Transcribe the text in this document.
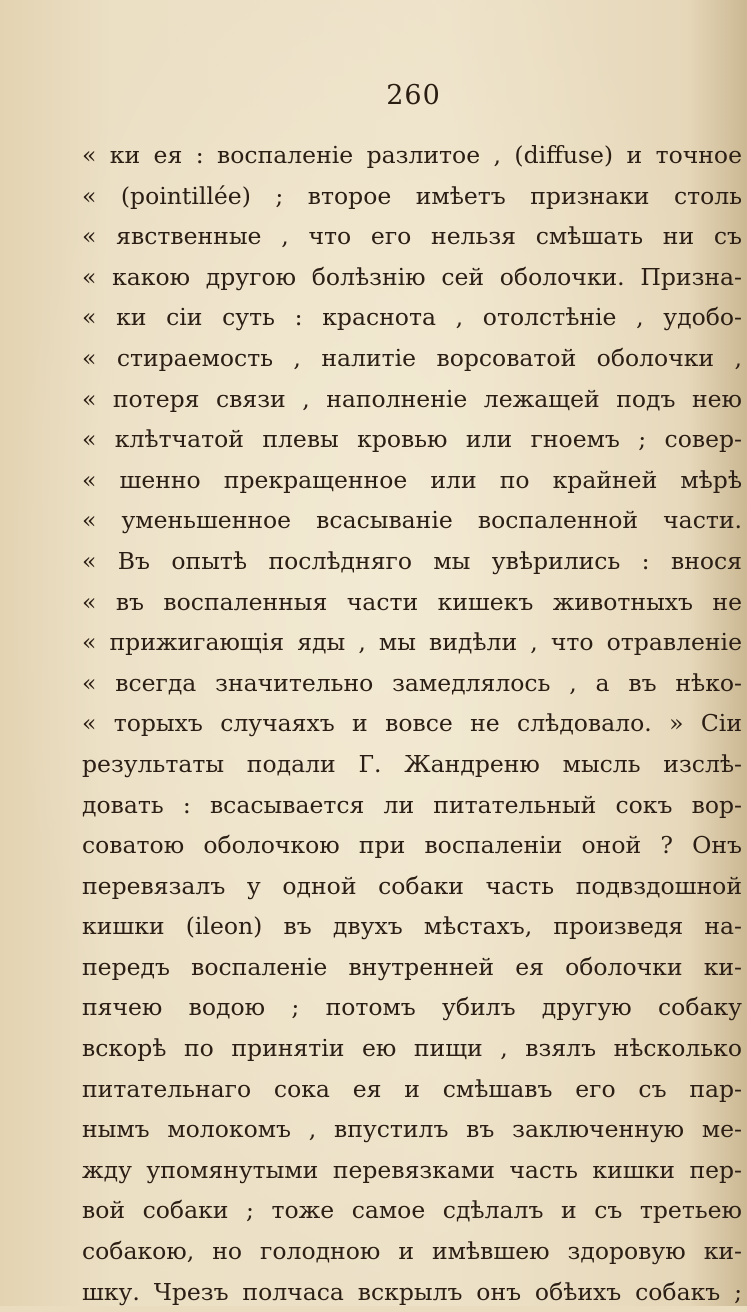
260
« ки ея : воспаленіе разлитое , (diffuse) и точное
« (pointillée) ; второе имѣетъ признаки столь
« явственные , что его нельзя смѣшать ни съ
« какою другою болѣзнію сей оболочки. Призна-
« ки сіи суть : краснота , отолстѣніе , удобо-
« стираемость , налитіе ворсоватой оболочки ,
« потеря связи , наполненіе лежащей подъ нею
« клѣтчатой плевы кровью или гноемъ ; совер-
« шенно прекращенное или по крайней мѣрѣ
« уменьшенное всасываніе воспаленной части.
« Въ опытѣ послѣдняго мы увѣрились : внося
« въ воспаленныя части кишекъ животныхъ не
« прижигающія яды , мы видѣли , что отравленіе
« всегда значительно замедлялось , а въ нѣко-
« торыхъ случаяхъ и вовсе не слѣдовало. » Сіи
результаты подали Г. Жандреню мысль изслѣ-
довать : всасывается ли питательный сокъ вор-
соватою оболочкою при воспаленіи оной ? Онъ
перевязалъ у одной собаки часть подвздошной
кишки (ileon) въ двухъ мѣстахъ, произведя на-
передъ воспаленіе внутренней ея оболочки ки-
пячею водою ; потомъ убилъ другую собаку
вскорѣ по принятіи ею пищи , взялъ нѣсколько
питательнаго сока ея и смѣшавъ его съ пар-
нымъ молокомъ , впустилъ въ заключенную ме-
жду упомянутыми перевязками часть кишки пер-
вой собаки ; тоже самое сдѣлалъ и съ третьею
собакою, но голодною и имѣвшею здоровую ки-
шку. Чрезъ полчаса вскрылъ онъ обѣихъ собакъ ;
